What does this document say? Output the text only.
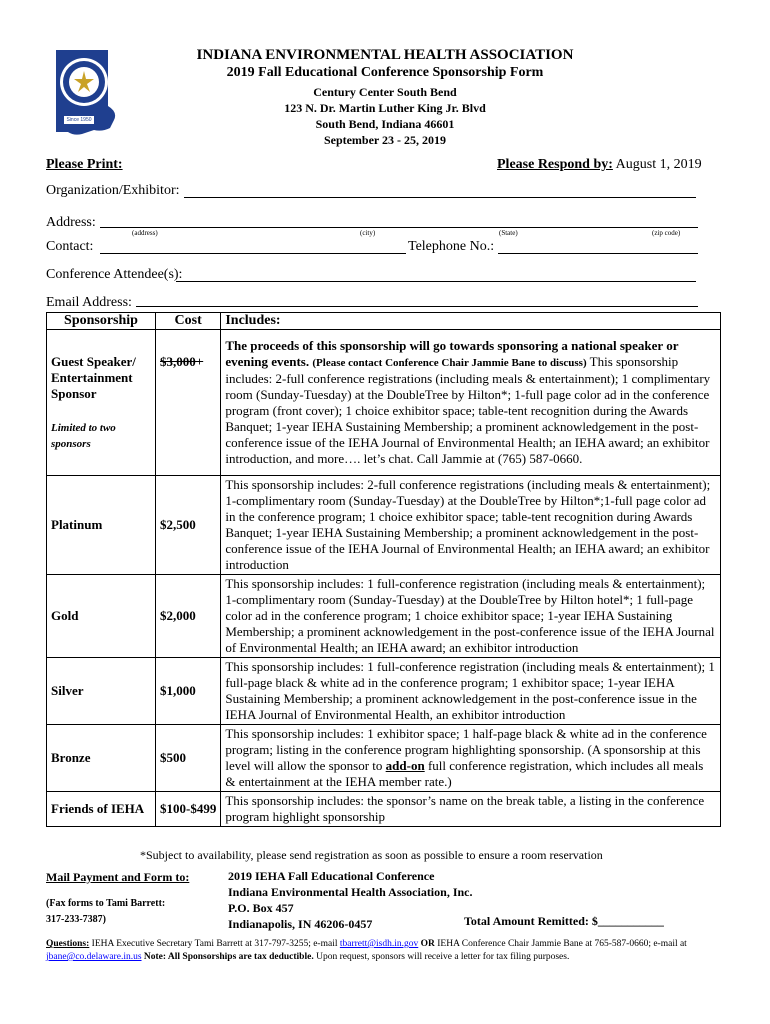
Since 1950
INDIANA ENVIRONMENTAL HEALTH ASSOCIATION
2019 Fall Educational Conference Sponsorship Form
Century Center South Bend
123 N. Dr. Martin Luther King Jr. Blvd
South Bend, Indiana 46601
September 23 - 25, 2019
Please Print:	Please Respond by: August 1, 2019
Organization/Exhibitor:
Address:
(address)	(city)	(State)	(zip code)
Contact:	Telephone No.:
Conference Attendee(s):
Email Address:
Sponsorship	Cost	Includes:

Guest Speaker/ Entertainment Sponsor
Limited to two sponsors	$3,000+	The proceeds of this sponsorship will go towards sponsoring a national speaker or evening events. (Please contact Conference Chair Jammie Bane to discuss) This sponsorship includes: 2-full conference registrations (including meals & entertainment); 1 complimentary room (Sunday-Tuesday) at the DoubleTree by Hilton*; 1-full page color ad in the conference program (front cover); 1 choice exhibitor space; table-tent recognition during the Awards Banquet; 1-year IEHA Sustaining Membership; a prominent acknowledgement in the post-conference issue of the IEHA Journal of Environmental Health; an IEHA award; an exhibitor introduction, and more…. let’s chat. Call Jammie at (765) 587-0660.
Platinum	$2,500	This sponsorship includes: 2-full conference registrations (including meals & entertainment); 1-complimentary room (Sunday-Tuesday) at the DoubleTree by Hilton*;1-full page color ad in the conference program; 1 choice exhibitor space; table-tent recognition during Awards Banquet; 1-year IEHA Sustaining Membership; a prominent acknowledgement in the post-conference issue of the IEHA Journal of Environmental Health; an IEHA award; an exhibitor introduction
Gold	$2,000	This sponsorship includes: 1 full-conference registration (including meals & entertainment); 1-complimentary room (Sunday-Tuesday) at the DoubleTree by Hilton hotel*; 1 full-page color ad in the conference program; 1 choice exhibitor space; 1-year IEHA Sustaining Membership; a prominent acknowledgement in the post-conference issue of the IEHA Journal of Environmental Health; an IEHA award; an exhibitor introduction
Silver	$1,000	This sponsorship includes: 1 full-conference registration (including meals & entertainment); 1 full-page black & white ad in the conference program; 1 exhibitor space; 1-year IEHA Sustaining Membership; a prominent acknowledgement in the post-conference issue in the IEHA Journal of Environmental Health, an exhibitor introduction
Bronze	$500	This sponsorship includes: 1 exhibitor space; 1 half-page black & white ad in the conference program; listing in the conference program highlighting sponsorship. (A sponsorship at this level will allow the sponsor to add-on full conference registration, which includes all meals & entertainment at the IEHA member rate.)
Friends of IEHA	$100-$499	This sponsorship includes: the sponsor’s name on the break table, a listing in the conference program highlight sponsorship
*Subject to availability, please send registration as soon as possible to ensure a room reservation
Mail Payment and Form to:
(Fax forms to Tami Barrett:
317-233-7387)
2019 IEHA Fall Educational Conference
Indiana Environmental Health Association, Inc.
P.O. Box 457
Indianapolis, IN 46206-0457	Total Amount Remitted: $___________
Questions: IEHA Executive Secretary Tami Barrett at 317-797-3255; e-mail tbarrett@isdh.in.gov OR IEHA Conference Chair Jammie Bane at 765-587-0660; e-mail at jbane@co.delaware.in.us Note: All Sponsorships are tax deductible. Upon request, sponsors will receive a letter for tax filing purposes.
